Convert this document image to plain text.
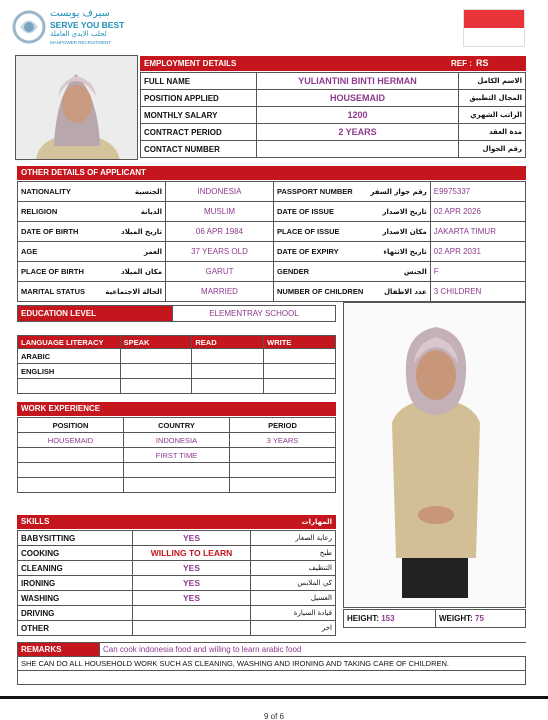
سيرف يوبست
SERVE YOU BEST
لجلب الايدي العاملة
MANPOWER RECRUITMENT
EMPLOYMENT DETAILS	REF : RS
FULL NAME	YULIANTINI BINTI HERMAN	الاسم الكامل
POSITION APPLIED	HOUSEMAID	المجال التطبيق
MONTHLY SALARY	1200	الراتب الشهري
CONTRACT PERIOD	2 YEARS	مدة العقد
CONTACT NUMBER		رقم الجوال
OTHER DETAILS OF APPLICANT
NATIONALITY	الجنسية	INDONESIA	PASSPORT NUMBER	رقم جواز السفر	E9975337
RELIGION	الديانة	MUSLIM	DATE OF ISSUE	تاريخ الاصدار	02 APR 2026
DATE OF BIRTH	تاريخ الميلاد	06 APR 1984	PLACE OF ISSUE	مكان الاصدار	JAKARTA TIMUR
AGE	العمر	37 YEARS OLD	DATE OF EXPIRY	تاريخ الانتهاء	02 APR 2031
PLACE OF BIRTH	مكان الميلاد	GARUT	GENDER	الجنس	F
MARITAL STATUS	الحالة الاجتماعية	MARRIED	NUMBER OF CHILDREN	عدد الاطفال	3 CHILDREN
EDUCATION LEVEL	ELEMENTRAY SCHOOL
LANGUAGE LITERACY	SPEAK	READ	WRITE
ARABIC			
ENGLISH			

WORK EXPERIENCE
POSITION	COUNTRY	PERIOD
HOUSEMAID	INDONESIA	3 YEARS
	FIRST TIME	

SKILLS	المهارات
BABYSITTING	YES	رعاية الصغار
COOKING	WILLING TO LEARN	طبخ
CLEANING	YES	التنظيف
IRONING	YES	كي الملابس
WASHING	YES	الغسيل
DRIVING		قيادة السيارة
OTHER		اخر
HEIGHT: 153	WEIGHT: 75
REMARKS	Can cook indonesia food and willing to learn arabic food
SHE CAN DO ALL HOUSEHOLD WORK SUCH AS CLEANING, WASHING AND IRONING AND TAKING CARE OF CHILDREN.

9 of 6
